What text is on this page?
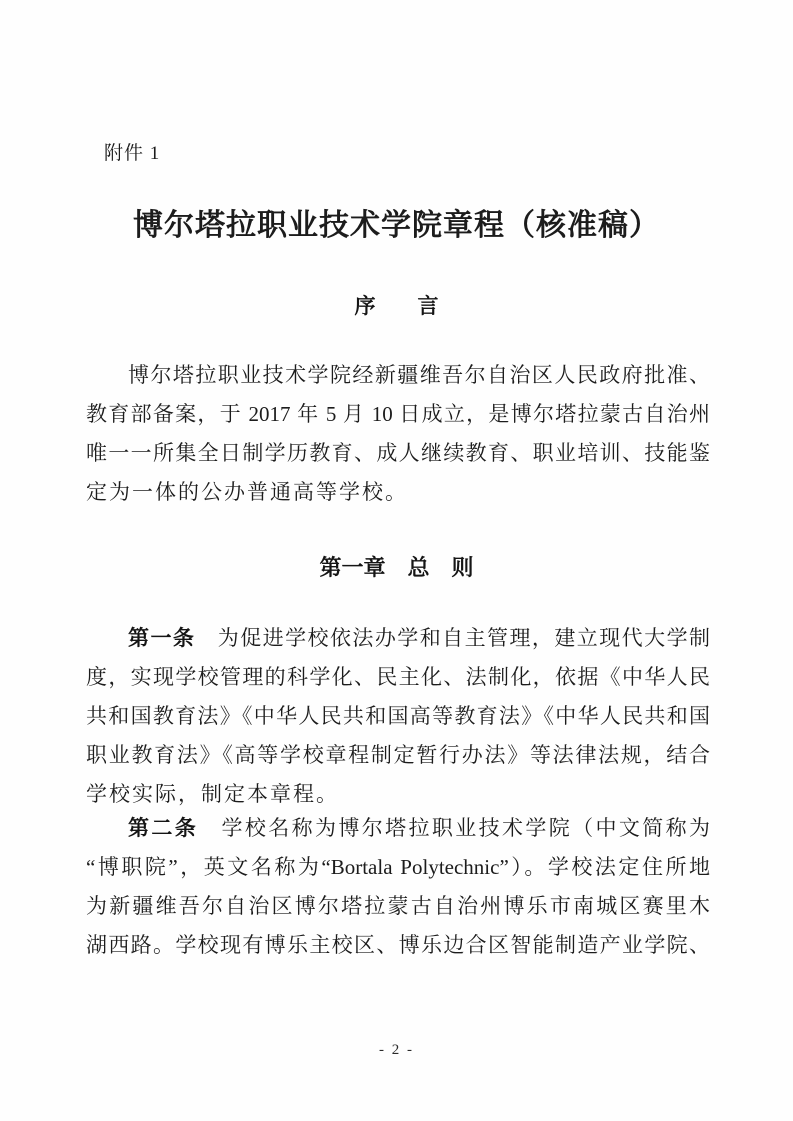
附件 1
博尔塔拉职业技术学院章程（核准稿）
序　　言
博尔塔拉职业技术学院经新疆维吾尔自治区人民政府批准、
教育部备案，于 2017 年 5 月 10 日成立，是博尔塔拉蒙古自治州
唯一一所集全日制学历教育、成人继续教育、职业培训、技能鉴
定为一体的公办普通高等学校。
第一章　总　则
第一条　为促进学校依法办学和自主管理，建立现代大学制
度，实现学校管理的科学化、民主化、法制化，依据《中华人民
共和国教育法》《中华人民共和国高等教育法》《中华人民共和国
职业教育法》《高等学校章程制定暂行办法》等法律法规，结合
学校实际，制定本章程。
第二条　学校名称为博尔塔拉职业技术学院（中文简称为
“博职院”，英文名称为“Bortala Polytechnic”）。学校法定住所地
为新疆维吾尔自治区博尔塔拉蒙古自治州博乐市南城区赛里木
湖西路。学校现有博乐主校区、博乐边合区智能制造产业学院、
- 2 -
